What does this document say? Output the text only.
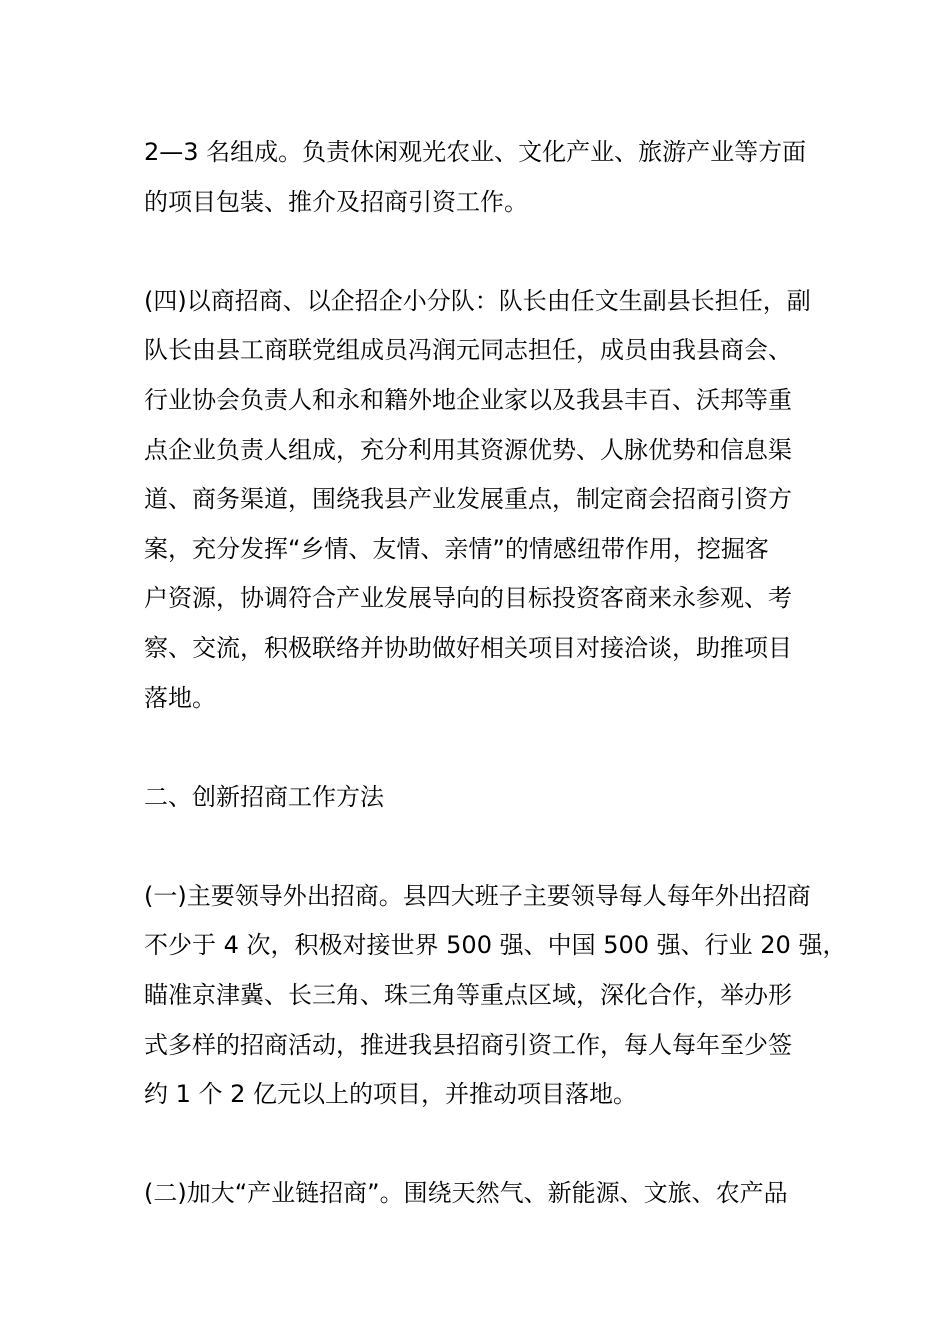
2—3 名组成。负责休闲观光农业、文化产业、旅游产业等方面
的项目包装、推介及招商引资工作。
(四)以商招商、以企招企小分队：队长由任文生副县长担任，副
队长由县工商联党组成员冯润元同志担任，成员由我县商会、
行业协会负责人和永和籍外地企业家以及我县丰百、沃邦等重
点企业负责人组成，充分利用其资源优势、人脉优势和信息渠
道、商务渠道，围绕我县产业发展重点，制定商会招商引资方
案，充分发挥“乡情、友情、亲情”的情感纽带作用，挖掘客
户资源，协调符合产业发展导向的目标投资客商来永参观、考
察、交流，积极联络并协助做好相关项目对接洽谈，助推项目
落地。
二、创新招商工作方法
(一)主要领导外出招商。县四大班子主要领导每人每年外出招商
不少于 4 次，积极对接世界 500 强、中国 500 强、行业 20 强，
瞄准京津冀、长三角、珠三角等重点区域，深化合作，举办形
式多样的招商活动，推进我县招商引资工作，每人每年至少签
约 1 个 2 亿元以上的项目，并推动项目落地。
(二)加大“产业链招商”。围绕天然气、新能源、文旅、农产品
